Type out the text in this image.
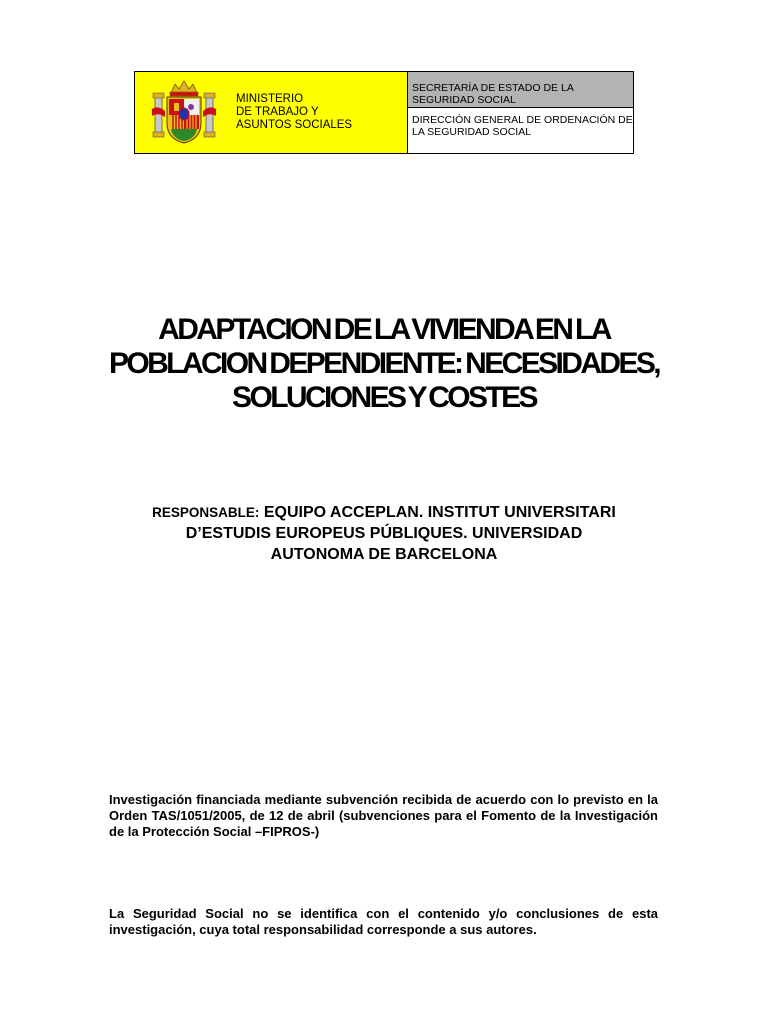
MINISTERIO
DE TRABAJO Y
ASUNTOS SOCIALES
SECRETARÍA DE ESTADO DE LA SEGURIDAD SOCIAL
DIRECCIÓN GENERAL DE ORDENACIÓN DE LA SEGURIDAD SOCIAL
ADAPTACION DE LA VIVIENDA EN LA
POBLACION DEPENDIENTE: NECESIDADES,
SOLUCIONES Y COSTES
RESPONSABLE: EQUIPO ACCEPLAN. INSTITUT UNIVERSITARI
D’ESTUDIS EUROPEUS PÚBLIQUES. UNIVERSIDAD
AUTONOMA DE BARCELONA
Investigación financiada mediante subvención recibida de acuerdo con lo previsto en la Orden TAS/1051/2005, de 12 de abril (subvenciones para el Fomento de la Investigación de la Protección Social –FIPROS-)
La Seguridad Social no se identifica con el contenido y/o conclusiones de esta investigación, cuya total responsabilidad corresponde a sus autores.
